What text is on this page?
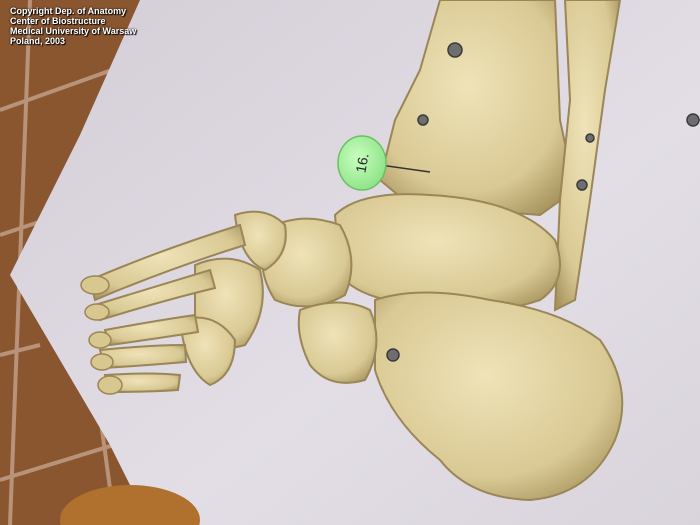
16.
Copyright Dep. of Anatomy
Center of Biostructure
Medical University of Warsaw
Poland, 2003
